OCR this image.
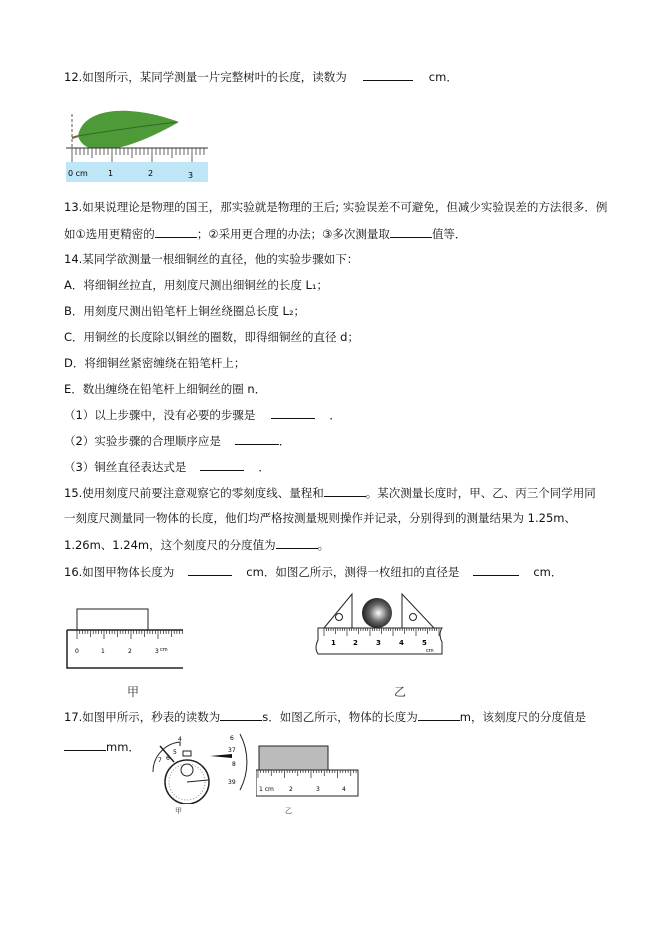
12.如图所示，某同学测量一片完整树叶的长度，读数为	cm．
13.如果说理论是物理的国王，那实验就是物理的王后; 实验误差不可避免，但减少实验误差的方法很多．例
如①选用更精密的	；②采用更合理的办法；③多次测量取	值等．
14.某同学欲测量一根细铜丝的直径，他的实验步骤如下：
A．将细铜丝拉直，用刻度尺测出细铜丝的长度 L₁；
B．用刻度尺测出铅笔杆上铜丝绕圈总长度 L₂；
C．用铜丝的长度除以铜丝的圈数，即得细铜丝的直径 d；
D．将细铜丝紧密缠绕在铅笔杆上；
E．数出缠绕在铅笔杆上细铜丝的圈 n．
（1）以上步骤中，没有必要的步骤是	．
（2）实验步骤的合理顺序应是	．
（3）铜丝直径表达式是	．
15.使用刻度尺前要注意观察它的零刻度线、量程和	。某次测量长度时，甲、乙、丙三个同学用同
一刻度尺测量同一物体的长度，他们均严格按测量规则操作并记录，分别得到的测量结果为 1.25m、
1.26m、1.24m，这个刻度尺的分度值为	。
16.如图甲物体长度为	cm．如图乙所示，测得一枚纽扣的直径是	cm．
17.如图甲所示，秒表的读数为	s．如图乙所示，物体的长度为	m，该刻度尺的分度值是
mm．
0 cm	1	2	3
0	1	2	3 cm
甲
1 2	3	4	5
cm
乙
4
5
6
7
6
37
8
39
甲
1 cm	2	3	4
乙
